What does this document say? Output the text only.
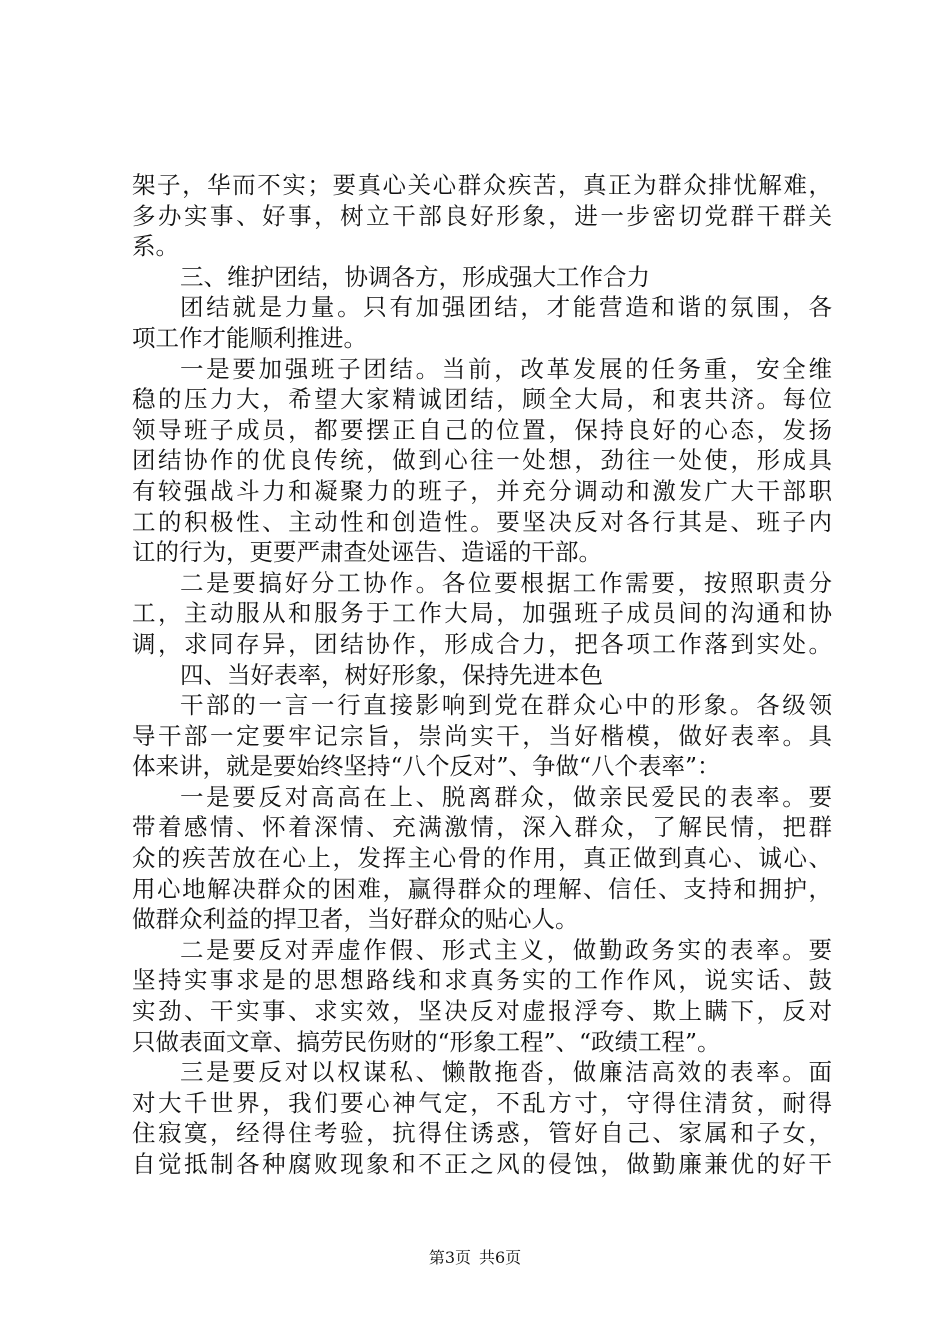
架子，华而不实；要真心关心群众疾苦，真正为群众排忧解难，
多办实事、好事，树立干部良好形象，进一步密切党群干群关
系。
三、维护团结，协调各方，形成强大工作合力
团结就是力量。只有加强团结，才能营造和谐的氛围，各
项工作才能顺利推进。
一是要加强班子团结。当前，改革发展的任务重，安全维
稳的压力大，希望大家精诚团结，顾全大局，和衷共济。每位
领导班子成员，都要摆正自己的位置，保持良好的心态，发扬
团结协作的优良传统，做到心往一处想，劲往一处使，形成具
有较强战斗力和凝聚力的班子，并充分调动和激发广大干部职
工的积极性、主动性和创造性。要坚决反对各行其是、班子内
讧的行为，更要严肃查处诬告、造谣的干部。
二是要搞好分工协作。各位要根据工作需要，按照职责分
工，主动服从和服务于工作大局，加强班子成员间的沟通和协
调，求同存异，团结协作，形成合力，把各项工作落到实处。
四、当好表率，树好形象，保持先进本色
干部的一言一行直接影响到党在群众心中的形象。各级领
导干部一定要牢记宗旨，崇尚实干，当好楷模，做好表率。具
体来讲，就是要始终坚持“八个反对”、争做“八个表率”：
一是要反对高高在上、脱离群众，做亲民爱民的表率。要
带着感情、怀着深情、充满激情，深入群众，了解民情，把群
众的疾苦放在心上，发挥主心骨的作用，真正做到真心、诚心、
用心地解决群众的困难，赢得群众的理解、信任、支持和拥护，
做群众利益的捍卫者，当好群众的贴心人。
二是要反对弄虚作假、形式主义，做勤政务实的表率。要
坚持实事求是的思想路线和求真务实的工作作风，说实话、鼓
实劲、干实事、求实效，坚决反对虚报浮夸、欺上瞒下，反对
只做表面文章、搞劳民伤财的“形象工程”、“政绩工程”。
三是要反对以权谋私、懒散拖沓，做廉洁高效的表率。面
对大千世界，我们要心神气定，不乱方寸，守得住清贫，耐得
住寂寞，经得住考验，抗得住诱惑，管好自己、家属和子女，
自觉抵制各种腐败现象和不正之风的侵蚀，做勤廉兼优的好干
第3页 共6页
